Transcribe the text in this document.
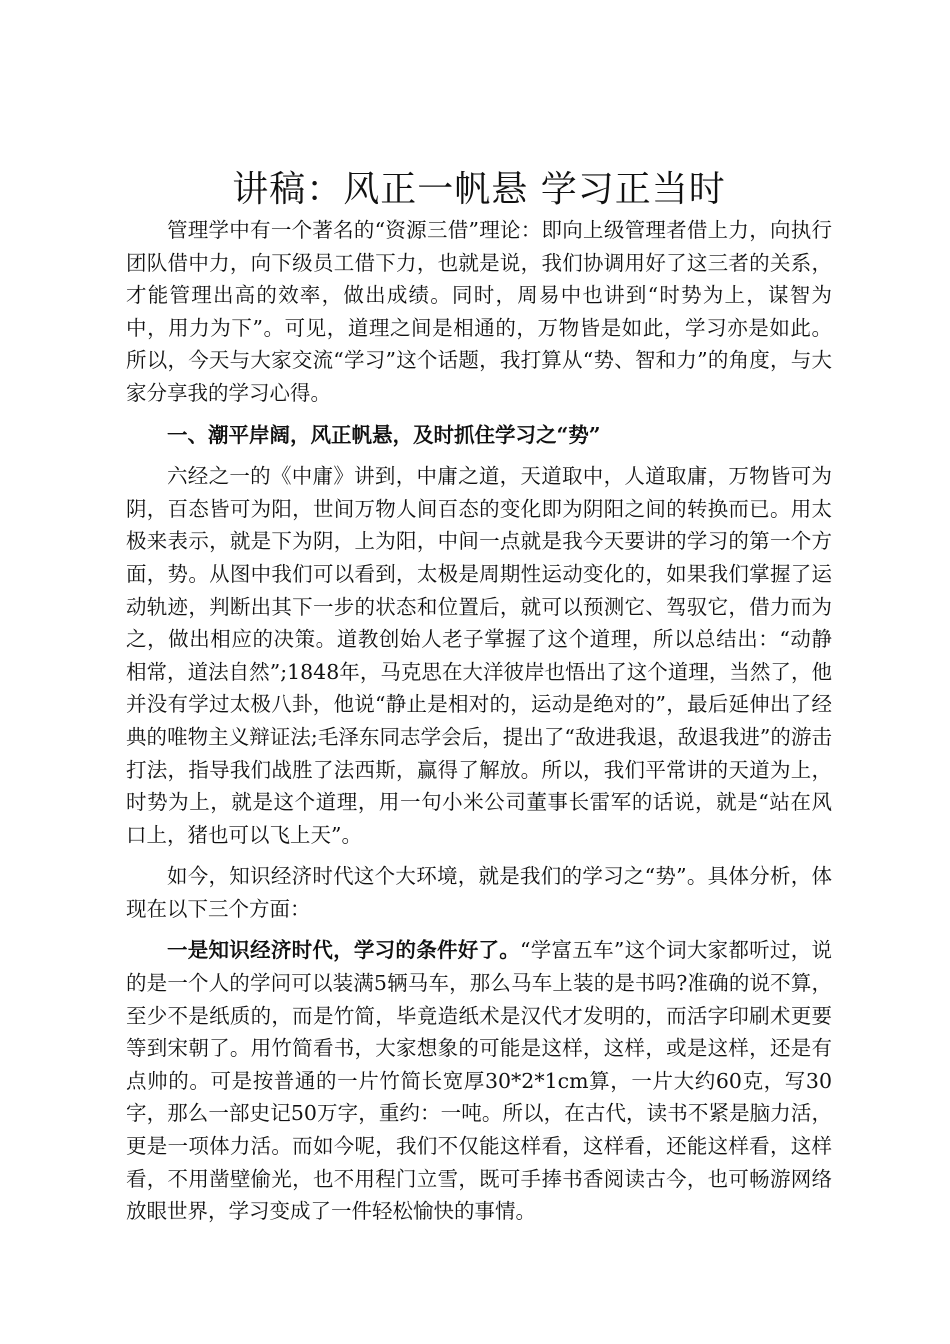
讲稿：风正一帆悬 学习正当时

管理学中有一个著名的“资源三借”理论：即向上级管理者借上力，向执行团队借中力，向下级员工借下力，也就是说，我们协调用好了这三者的关系，才能管理出高的效率，做出成绩。同时，周易中也讲到“时势为上，谋智为中，用力为下”。可见，道理之间是相通的，万物皆是如此，学习亦是如此。所以，今天与大家交流“学习”这个话题，我打算从“势、智和力”的角度，与大家分享我的学习心得。

一、潮平岸阔，风正帆悬，及时抓住学习之“势”

六经之一的《中庸》讲到，中庸之道，天道取中，人道取庸，万物皆可为阴，百态皆可为阳，世间万物人间百态的变化即为阴阳之间的转换而已。用太极来表示，就是下为阴，上为阳，中间一点就是我今天要讲的学习的第一个方面，势。从图中我们可以看到，太极是周期性运动变化的，如果我们掌握了运动轨迹，判断出其下一步的状态和位置后，就可以预测它、驾驭它，借力而为之，做出相应的决策。道教创始人老子掌握了这个道理，所以总结出：“动静相常，道法自然”;1848年，马克思在大洋彼岸也悟出了这个道理，当然了，他并没有学过太极八卦，他说“静止是相对的，运动是绝对的”，最后延伸出了经典的唯物主义辩证法;毛泽东同志学会后，提出了“敌进我退，敌退我进”的游击打法，指导我们战胜了法西斯，赢得了解放。所以，我们平常讲的天道为上，时势为上，就是这个道理，用一句小米公司董事长雷军的话说，就是“站在风口上，猪也可以飞上天”。

如今，知识经济时代这个大环境，就是我们的学习之“势”。具体分析，体现在以下三个方面：

一是知识经济时代，学习的条件好了。“学富五车”这个词大家都听过，说的是一个人的学问可以装满5辆马车，那么马车上装的是书吗?准确的说不算，至少不是纸质的，而是竹简，毕竟造纸术是汉代才发明的，而活字印刷术更要等到宋朝了。用竹简看书，大家想象的可能是这样，这样，或是这样，还是有点帅的。可是按普通的一片竹简长宽厚30*2*1cm算，一片大约60克，写30字，那么一部史记50万字，重约：一吨。所以，在古代，读书不紧是脑力活，更是一项体力活。而如今呢，我们不仅能这样看，这样看，还能这样看，这样看，不用凿壁偷光，也不用程门立雪，既可手捧书香阅读古今，也可畅游网络放眼世界，学习变成了一件轻松愉快的事情。
